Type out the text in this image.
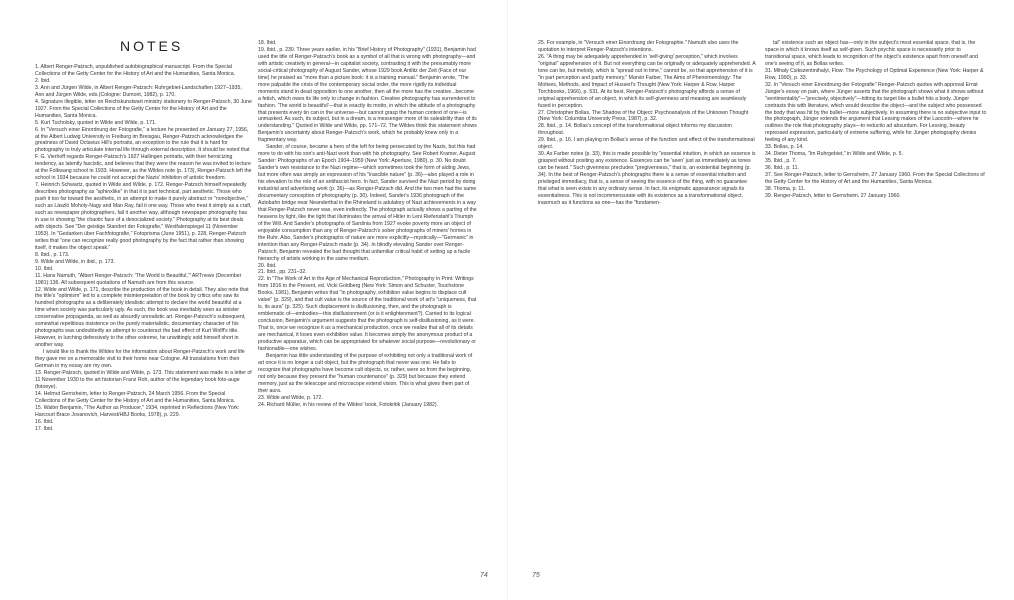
NOTES

1. Albert Renger-Patzsch, unpublished autobiographical manuscript. From the Special Collections of the Getty Center for the History of Art and the Humanities, Santa Monica.

2. Ibid.

3. Ann and Jürgen Wilde, in Albert Renger-Patzsch: Ruhrgebiet-Landschaften 1927–1935, Ann and Jürgen Wilde, eds.(Cologne: Dumont, 1982), p. 170.

4. Signature illegible, letter on Reichskunstwart ministry stationery to Renger-Patzsch, 30 June 1927. From the Special Collections of the Getty Center for the History of Art and the Humanities, Santa Monica.

5. Kurt Tucholsky, quoted in Wilde and Wilde, p. 171.

6. In "Versuch einer Einordnung der Fotografie," a lecture he presented on January 27, 1956, at the Albert Ludwig University in Freiburg im Breisgau, Renger-Patzsch acknowledges the greatness of David Octavius Hill's portraits, an exception to the rule that it is hard for photography to truly articulate internal life through external description. It should be noted that F. G. Vierhoff regards Renger-Patzsch's 1927 Hallingen portraits, with their heroicizing tendency, as latently fascistic, and believes that they were the reason he was invited to lecture at the Folkwang school in 1933. However, as the Wildes note (p. 173), Renger-Patzsch left the school in 1934 because he could not accept the Nazis' inhibition of artistic freedom.

7. Heinrich Schwartz, quoted in Wilde and Wilde, p. 172. Renger-Patzsch himself repeatedly describes photography as "sphinxlike" in that it is part technical, part aesthetic. Those who push it too far toward the aesthetic, in an attempt to make it purely abstract or "nonobjective," such as László Moholy-Nagy and Man Ray, fail it one way. Those who treat it simply as a craft, such as newspaper photographers, fail it another way, although newspaper photography has in use in showing "the chaotic face of a desocialized society." Photography at its best deals with objects. See "Der geistige Standort der Fotografie," Westfalenspiegel 11 (November 1953). In "Gedanken über Fachfotografie," Fotoprisma (June 1951), p. 228, Renger-Patzsch writes that "one can recognize really good photography by the fact that rather than showing itself, it makes the object speak."

8. Ibid., p. 173.

9. Wilde and Wilde, in ibid., p. 173.

10. Ibid.

11. Hans Namuth, "Albert Renger-Patzsch: 'The World is Beautiful,'" ARTnews (December 1981):136. All subsequent quotations of Namuth are from this source.

12. Wilde and Wilde, p. 171, describe the production of the book in detail. They also note that the title's "optimism" led to a complete misinterpretation of the book by critics who saw its hundred photographs as a deliberately idealistic attempt to declare the world beautiful at a time when society was particularly ugly. As such, the book was inevitably seen as sinister conservative propaganda, as well as absurdly unrealistic art. Renger-Patzsch's subsequent, somewhat repetitious insistence on the purely materialistic, documentary character of his photographs was undoubtedly an attempt to counteract the bad effect of Kurt Wolff's title. However, in lurching defensively to the other extreme, he unwittingly sold himself short in another way.

I would like to thank the Wildes for the information about Renger-Patzsch's work and life they gave me on a memorable visit to their home near Cologne. All translations from their German in my essay are my own.

13. Renger-Patzsch, quoted in Wilde and Wilde, p. 173. This statement was made in a letter of 11 November 1930 to the art historian Franz Roh, author of the legendary book foto-auge (fotoeye).

14. Helmut Gernsheim, letter to Renger-Patzsch, 24 March 1956. From the Special Collections of the Getty Center for the History of Art and the Humanities, Santa Monica.

15. Walter Benjamin, "The Author as Producer," 1934, reprinted in Reflections (New York: Harcourt Brace Jovanovich, Harvest/HBJ Books, 1978), p. 229.

16. Ibid.

17. Ibid.

18. Ibid.

19. Ibid., p. 230. Three years earlier, in his "Brief History of Photography" (1931), Benjamin had used the title of Renger-Patzsch's book as a symbol of all that is wrong with photography—and with artistic creativity in general—in capitalist society, contrasting it with the presumably more social-critical photography of August Sander, whose 1929 book Antlitz der Zeit (Face of our time) he praised as "more than a picture book: it is a training manual." Benjamin wrote, "The more palpable the crisis of the contemporary social order, the more rigidly its individual moments stand in dead opposition to one another, then all the more has the creative...become a fetish, which owes its life only to change in fashion. Creative photography has surrendered to fashion. 'The world is beautiful'—that is exactly its motto, in which the attitude of a photography that presents every tin can in the universe—but cannot grasp the human context of one—is unmasked. As such, its subject, but in a dream, is a messenger more of its saleability than of its understanding." Quoted in Wilde and Wilde, pp. 171–72. The Wildes think this statement shows Benjamin's uncertainty about Renger-Patzsch's work, which he probably knew only in a fragmentary way.

Sander, of course, became a hero of the left for being persecuted by the Nazis, but this had more to do with his son's anti-Nazi work than with his photography. See Robert Kramer, August Sander: Photographs of an Epoch 1904–1959 (New York: Aperture, 1980), p. 30. No doubt Sander's own resistance to the Nazi regime—which sometimes took the form of aiding Jews, but more often was simply an expression of his "irascible nature" (p. 36)—also played a role in his elevation to the role of an antifascist hero. In fact, Sander survived the Nazi period by doing industrial and advertising work (p. 36)—as Renger-Patzsch did. And the two men had the same documentary conception of photography (p. 30). Indeed, Sander's 1936 photograph of the Autobahn bridge near Neanderthal in the Rhineland is adulatory of Nazi achievements in a way that Renger-Patzsch never was, even indirectly. The photograph actually shows a parting of the heavens by light, like the light that illuminates the arrival of Hitler in Leni Riefenstahl's Triumph of the Will. And Sander's photographs of Sardinia from 1927 evoke poverty more an object of enjoyable consumption than any of Renger-Patzsch's sober photographs of miners' homes in the Ruhr. Also, Sander's photographs of nature are more explicitly—mystically—"Germanic" in intention than any Renger-Patzsch made (p. 34). In blindly elevating Sander over Renger-Patzsch, Benjamin revealed the bad thought that unfamiliar critical habit of setting up a facile hierarchy of artists working in the same medium.

20. Ibid.

21. Ibid., pp. 231–32.

22. In "The Work of Art in the Age of Mechanical Reproduction," Photography in Print: Writings from 1816 to the Present, ed. Vicki Goldberg (New York: Simon and Schuster, Touchstone Books, 1981), Benjamin writes that "in photography, exhibition value begins to displace cult value" (p. 329), and that cult value is the source of the traditional work of art's "uniqueness, that is, its aura" (p. 325). Such displacement is disillusioning, then, and the photograph is emblematic of—embodies—this disillusionment (or is it enlightenment?). Carried to its logical conclusion, Benjamin's argument suggests that the photograph is self-disillusioning, as it were. That is, once we recognize it as a mechanical production, once we realize that all of its details are mechanical, it loses even exhibition value. It becomes simply the anonymous product of a productive apparatus, which can be appropriated for whatever social purpose—revolutionary or fashionable—one wishes.

Benjamin has little understanding of the purpose of exhibiting not only a traditional work of art once it is no longer a cult object, but the photograph that never was one. He fails to recognize that photographs have become cult objects, or, rather, were so from the beginning, not only because they present the "human countenance" (p. 329) but because they extend memory, just as the telescope and microscope extend vision. This is what gives them part of their aura.

23. Wilde and Wilde, p. 172.

24. Richard Müller, in his review of the Wildes' book, Fotokritik (January 1982).

25. For example, in "Versuch einer Einordnung der Fotographie." Namuth also uses the quotation to interpret Renger-Patzsch's intentions.

26. "A thing may be adequately apprehended in 'self-giving' perception," which involves "original" apprehension of it. But not everything can be originally or adequately apprehended. A tone can be, but melody, which is "spread out in time," cannot be, so that apprehension of it is "in part perception and partly memory." Marvin Farber, The Aims of Phenomenology: The Motives, Methods, and Impact of Husserl's Thought (New York: Harper & Row, Harper Torchbooks, 1966), p. 531. At its best, Renger-Patzsch's photography affords a sense of original apprehension of an object, in which its self-givenness and meaning are seamlessly fused in perception.

27. Christopher Bollas, The Shadow of the Object: Psychoanalysis of the Unknown Thought (New York: Columbia University Press, 1987), p. 32.

28. Ibid., p. 14. Bollas's concept of the transformational object informs my discussion throughout.

29. Ibid., p. 16. I am playing on Bollas's sense of the function and effect of the transformational object.

30. As Farber notes (p. 33), this is made possible by "essential intuition, in which an essence is grasped without positing any existence. Essences can be 'seen' just as immediately as tones can be heard." Such givenness precludes "pregivenness," that is, an existential beginning (p. 34). In the best of Renger-Patzsch's photographs there is a sense of essential intuition and privileged immediacy, that is, a sense of seeing the essence of the thing, with no guarantee that what is seen exists in any ordinary sense. In fact, its enigmatic appearance signals its essentialness. This is not incommensurate with its existence as a transformational object, inasmuch as it functions as one—has the "fundamen-

tal" existence such an object has—only in the subject's most essential space, that is, the space in which it knows itself as self-given. Such psychic space is necessarily prior to transitional space, which leads to recognition of the object's existence apart from oneself and one's seeing of it, as Bollas writes.

31. Mihaly Csikszentmihalyi, Flow: The Psychology of Optimal Experience (New York: Harper & Row, 1990), p. 33.

32. In "Versuch einer Einordnung der Fotografie" Renger-Patzsch quotes with approval Ernst Jünger's essay on pain, where Jünger asserts that the photograph shows what it shows without "sentimentality"—"precisely, objectively"—hitting its target like a bullet hits a body. Jünger contrasts this with literature, which would describe the object—and the subject who possessed the body that was hit by the bullet—more subjectively. In assuming there is no subjective input to the photograph, Jünger extends the argument that Lessing makes of the Laocoön—where he outlines the role that photography plays—to reductio ad absurdum. For Lessing, beauty repressed expression, particularly of extreme suffering, while for Jünger photography denies feeling of any kind.

33. Bollas, p. 14.

34. Dieter Thoma, "Im Ruhrgebiet," in Wilde and Wilde, p. 5.

35. Ibid., p. 7.

36. Ibid., p. 11.

37. See Renger-Patzsch, letter to Gernsheim, 27 January 1960. From the Special Collections of the Getty Center for the History of Art and the Humanities, Santa Monica.

38. Thoma, p. 11.

39. Renger-Patzsch, letter to Gernsheim, 27 January 1960.

74	75
